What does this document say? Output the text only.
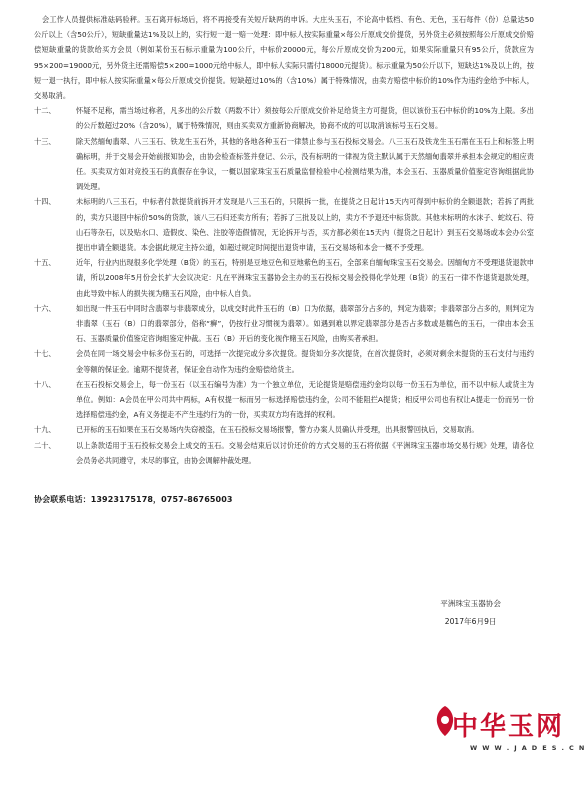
会工作人员提供标准砝码验秤。玉石离开标场后，将不再接受有关短斤缺两的申诉。大庄头玉石，不论高中低档、有色、无色，玉石每件（份）总量达50公斤以上（含50公斤），短缺重量达1%及以上的，实行短一退一赔一处理：即中标人按实际重量×每公斤原成交价提货，另外货主必须按照每公斤原成交价赔偿短缺重量的货款给买方会员（例如某份玉石标示重量为100公斤，中标价20000元，每公斤原成交价为200元，如果实际重量只有95公斤，货款应为95×200=19000元，另外货主还需赔偿5×200=1000元给中标人，即中标人实际只需付18000元提货）。标示重量为50公斤以下，短缺达1%及以上的，按短一退一执行，即中标人按实际重量×每公斤原成交价提货。短缺超过10%的（含10%）属于特殊情况，由卖方赔偿中标价的10%作为违约金给予中标人，交易取消。
十二、	怀疑不足称，需当场过称者，凡多出的公斤数（两数不计）须按每公斤原成交价补足给货主方可提货，但以该份玉石中标价的10%为上限。多出的公斤数超过20%（含20%），属于特殊情况，则由买卖双方重新协商解决，协商不成的可以取消该标号玉石交易。
十三、	除天然缅甸翡翠、八三玉石、铁龙生玉石外，其他的各地各种玉石一律禁止参与玉石投标交易会。八三玉石及铁龙生玉石需在玉石上和标签上明确标明，并于交易会开始前报知协会，由协会检查标签并登记、公示，没有标明的一律视为货主默认属于天然缅甸翡翠并承担本会规定的相应责任。买卖双方如对竞投玉石的真假存在争议，一概以国家珠宝玉石质量监督检验中心检测结果为准，本会玉石、玉器质量价值鉴定咨询组据此协调处理。
十四、	未标明的八三玉石，中标者付款提货前拆开才发现是八三玉石的，只限拆一批，在提货之日起计15天内可得到中标价的全额退款；若拆了两批的，卖方只退回中标价50%的货款，该八三石归还卖方所有；若拆了三批及以上的，卖方不予退还中标货款。其他未标明的水沫子、蛇纹石、符山石等杂石，以及贴水口、造假皮、染色、注胶等造假情况，无论拆开与否，买方都必须在15天内（提货之日起计）到玉石交易场或本会办公室提出申请全额退货。本会据此规定主持公道，如超过规定时间提出退货申请，玉石交易场和本会一概不予受理。
十五、	近年，行业内出现很多化学处理（B货）的玉石，特别是豆地豆色和豆地紫色的玉石，全部来自缅甸珠宝玉石交易会。因缅甸方不受理退货退款申请，所以2008年5月份会长扩大会议决定：凡在平洲珠宝玉器协会主办的玉石投标交易会投得化学处理（B货）的玉石一律不作退货退款处理，由此导致中标人的损失视为赌玉石风险，由中标人自负。
十六、	如出现一件玉石中同时含翡翠与非翡翠成分，以成交时此件玉石的（B）口为依据，翡翠部分占多的，判定为翡翠；非翡翠部分占多的，则判定为非翡翠（玉石（B）口的翡翠部分，俗称“癣”，仍按行业习惯视为翡翠）。如遇到难以界定翡翠部分是否占多数或是糯色的玉石，一律由本会玉石、玉器质量价值鉴定咨询组鉴定仲裁。玉石（B）开后的变化视作赌玉石风险，由购买者承担。
十七、	会员在同一场交易会中标多份玉石的，可选择一次提完或分多次提货。提货如分多次提货，在首次提货时，必须对剩余未提货的玉石支付与违约金等额的保证金。逾期不提货者，保证金自动作为违约金赔偿给货主。
十八、	在玉石投标交易会上，每一份玉石（以玉石编号为准）为一个独立单位，无论提货是赔偿违约金均以每一份玉石为单位，而不以中标人或货主为单位。例如：A会员在甲公司共中两标，A有权提一标而另一标选择赔偿违约金，公司不能阻拦A提货；相反甲公司也有权让A提走一份而另一份选择赔偿违约金，A有义务提走不产生违约行为的一份，买卖双方均有选择的权利。
十九、	已开标的玉石如果在玉石交易场内失窃被盗，在玉石投标交易场报警，警方办案人员确认并受理，出具报警回执后，交易取消。
二十、	以上条款适用于玉石投标交易会上成交的玉石。交易会结束后以讨价还价的方式交易的玉石将依据《平洲珠宝玉器市场交易行规》处理，请各位会员务必共同遵守，未尽的事宜，由协会调解仲裁处理。
协会联系电话：13923175178，0757-86765003
平洲珠宝玉器协会
2017年6月9日
中华玉网
W W W . J A D E S . C N
